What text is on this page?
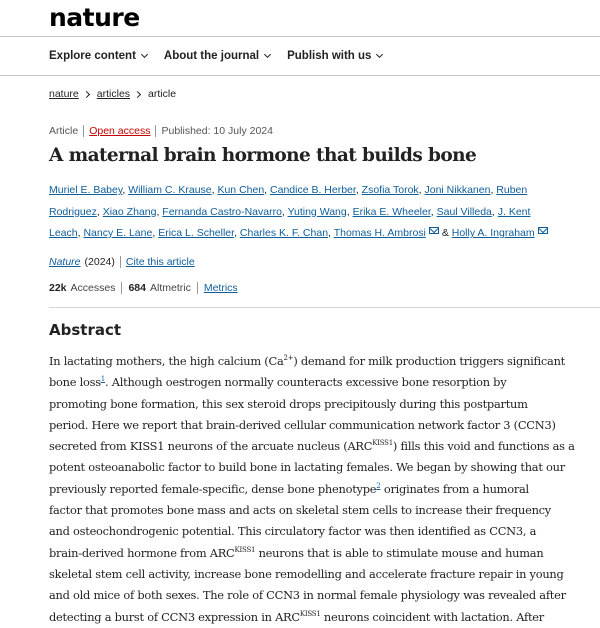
nature
Explore content About the journal Publish with us
nature articles article
Article Open access Published: 10 July 2024
A maternal brain hormone that builds bone
Muriel E. Babey, William C. Krause, Kun Chen, Candice B. Herber, Zsofia Torok, Joni Nikkanen, Ruben
Rodriguez, Xiao Zhang, Fernanda Castro-Navarro, Yuting Wang, Erika E. Wheeler, Saul Villeda, J. Kent
Leach, Nancy E. Lane, Erica L. Scheller, Charles K. F. Chan, Thomas H. Ambrosi & Holly A. Ingraham
Nature (2024) Cite this article
22k Accesses 684 Altmetric Metrics
Abstract
In lactating mothers, the high calcium $(Ca^{2+})$ demand for milk production triggers significant
bone loss$^1$. Although oestrogen normally counteracts excessive bone resorption by
promoting bone formation, this sex steroid drops precipitously during this postpartum
period. Here we report that brain-derived cellular communication network factor 3 (CCN3)
secreted from KISS1 neurons of the arcuate nucleus $(ARC^{KISS1})$ fills this void and functions as a
potent osteoanabolic factor to build bone in lactating females. We began by showing that our
previously reported female-specific, dense bone phenotype$^2$ originates from a humoral
factor that promotes bone mass and acts on skeletal stem cells to increase their frequency
and osteochondrogenic potential. This circulatory factor was then identified as CCN3, a
brain-derived hormone from $ARC^{KISS1}$ neurons that is able to stimulate mouse and human
skeletal stem cell activity, increase bone remodelling and accelerate fracture repair in young
and old mice of both sexes. The role of CCN3 in normal female physiology was revealed after
detecting a burst of CCN3 expression in $ARC^{KISS1}$ neurons coincident with lactation. After
